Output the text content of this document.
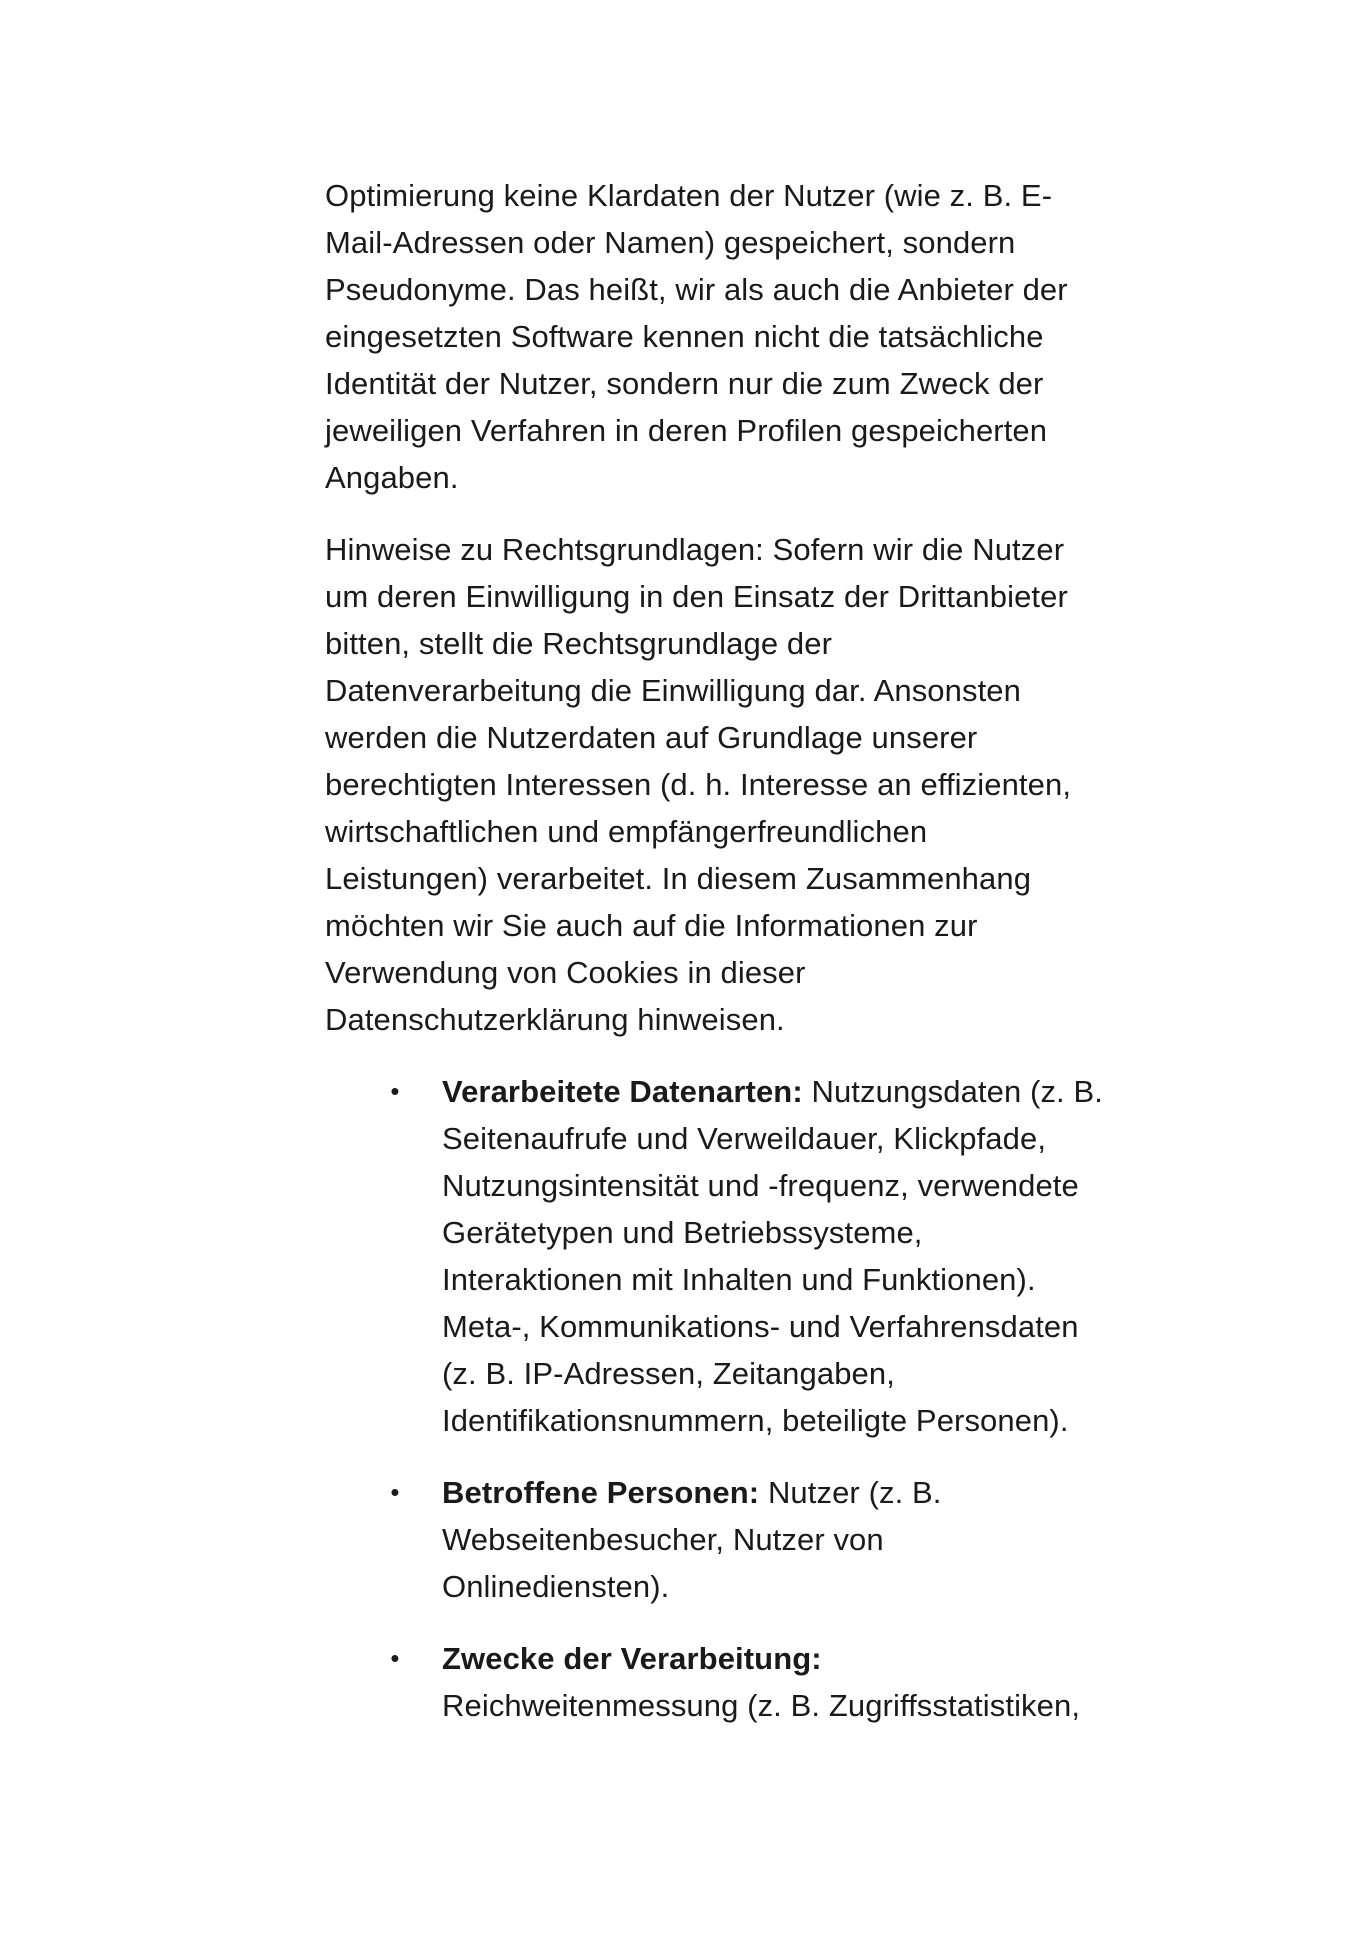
Optimierung keine Klardaten der Nutzer (wie z. B. E-
Mail-Adressen oder Namen) gespeichert, sondern
Pseudonyme. Das heißt, wir als auch die Anbieter der
eingesetzten Software kennen nicht die tatsächliche
Identität der Nutzer, sondern nur die zum Zweck der
jeweiligen Verfahren in deren Profilen gespeicherten
Angaben.
Hinweise zu Rechtsgrundlagen: Sofern wir die Nutzer
um deren Einwilligung in den Einsatz der Drittanbieter
bitten, stellt die Rechtsgrundlage der
Datenverarbeitung die Einwilligung dar. Ansonsten
werden die Nutzerdaten auf Grundlage unserer
berechtigten Interessen (d. h. Interesse an effizienten,
wirtschaftlichen und empfängerfreundlichen
Leistungen) verarbeitet. In diesem Zusammenhang
möchten wir Sie auch auf die Informationen zur
Verwendung von Cookies in dieser
Datenschutzerklärung hinweisen.
• Verarbeitete Datenarten: Nutzungsdaten (z. B.
Seitenaufrufe und Verweildauer, Klickpfade,
Nutzungsintensität und -frequenz, verwendete
Gerätetypen und Betriebssysteme,
Interaktionen mit Inhalten und Funktionen).
Meta-, Kommunikations- und Verfahrensdaten
(z. B. IP-Adressen, Zeitangaben,
Identifikationsnummern, beteiligte Personen).
• Betroffene Personen: Nutzer (z. B.
Webseitenbesucher, Nutzer von
Onlinediensten).
• Zwecke der Verarbeitung:
Reichweitenmessung (z. B. Zugriffsstatistiken,
